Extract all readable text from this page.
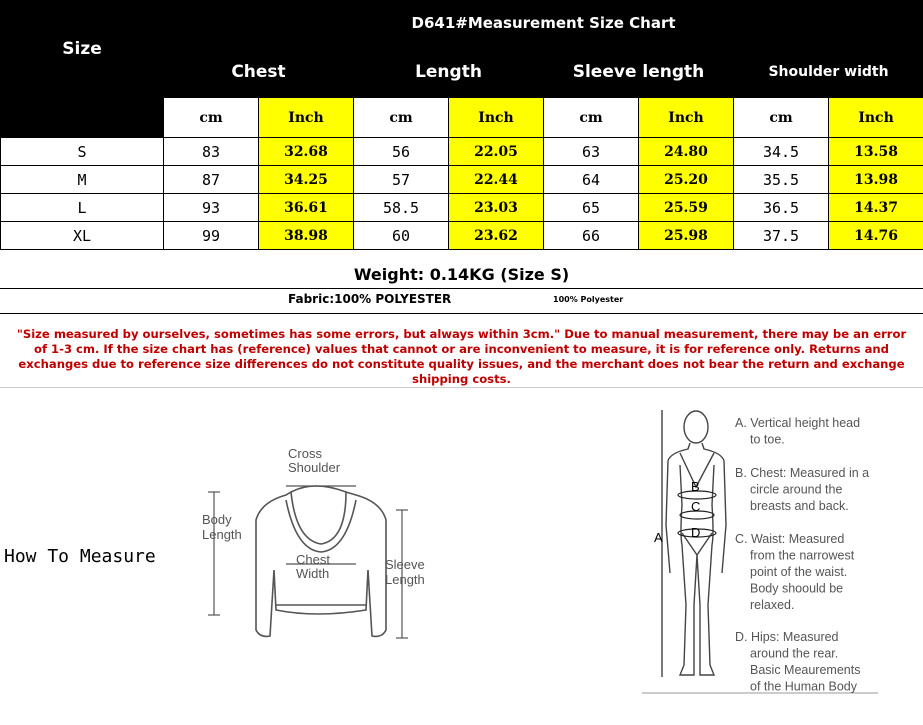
Size	D641#Measurement Size Chart							
	Chest		Length		Sleeve length		Shoulder width	
	cm	Inch	cm	Inch	cm	Inch	cm	Inch
S	83	32.68	56	22.05	63	24.80	34.5	13.58
M	87	34.25	57	22.44	64	25.20	35.5	13.98
L	93	36.61	58.5	23.03	65	25.59	36.5	14.37
XL	99	38.98	60	23.62	66	25.98	37.5	14.76
Weight: 0.14KG (Size S)
Fabric:100% POLYESTER	100% Polyester
"Size measured by ourselves, sometimes has some errors, but always within 3cm." Due to manual measurement, there may be an error of 1-3 cm. If the size chart has (reference) values that cannot or are inconvenient to measure, it is for reference only. Returns and exchanges due to reference size differences do not constitute quality issues, and the merchant does not bear the return and exchange shipping costs.
How To Measure
Cross
Shoulder
Body
Length
Chest
Width
Sleeve
Length
A
B
C
D
A. Vertical height head
to toe.
B. Chest: Measured in a
circle around the
breasts and back.
C. Waist: Measured
from the narrowest
point of the waist.
Body shoould be
relaxed.
D. Hips: Measured
around the rear.
Basic Meaurements
of the Human Body
